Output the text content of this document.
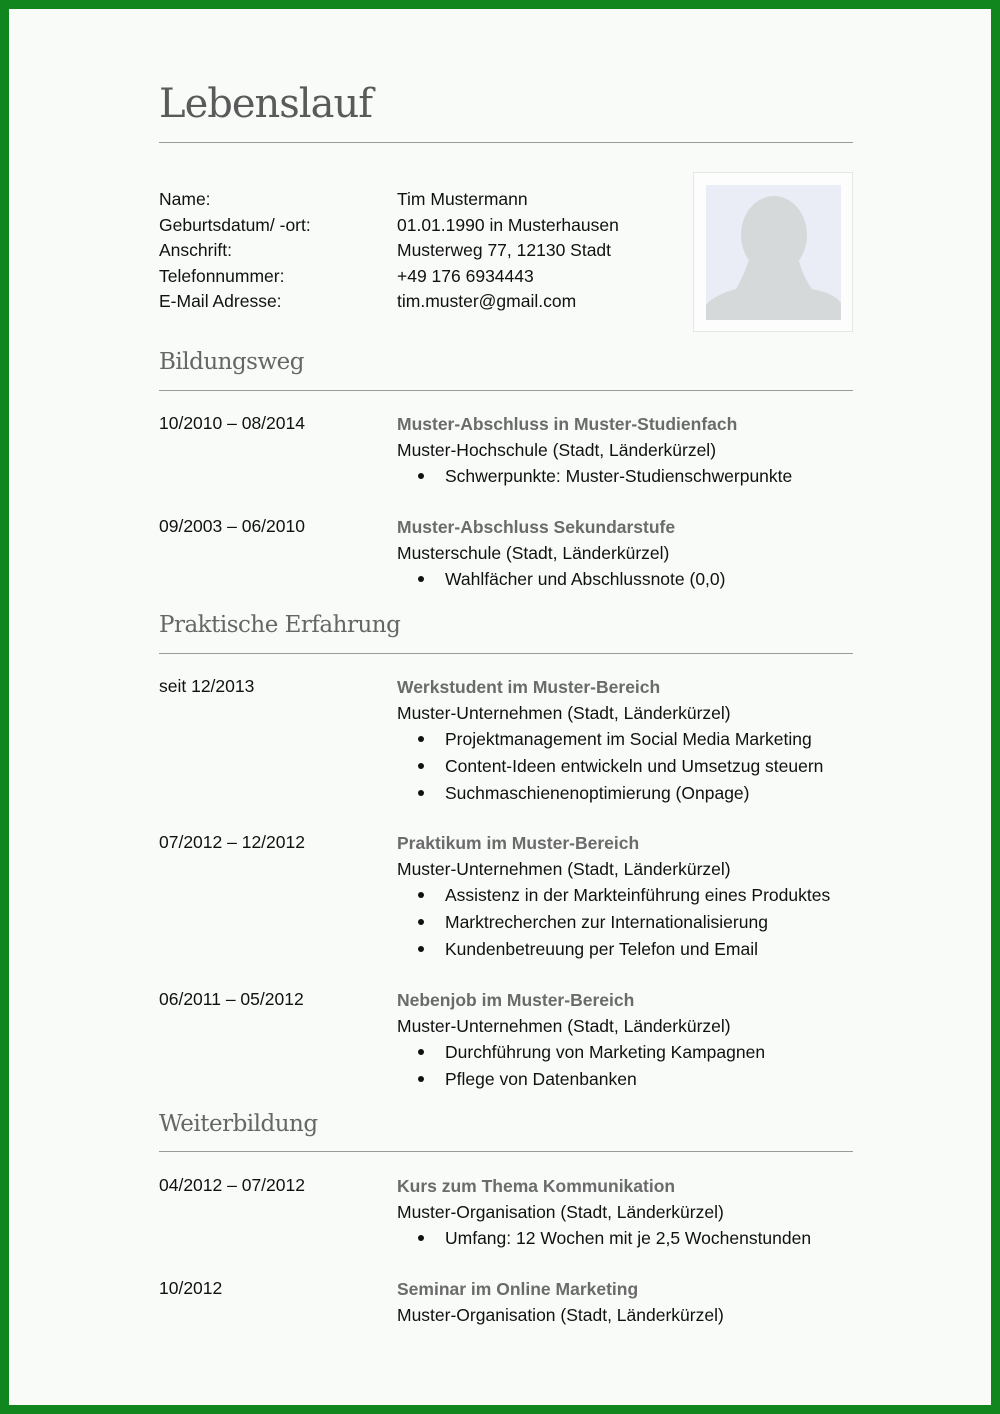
Lebenslauf
Name:	Tim Mustermann
Geburtsdatum/ -ort:	01.01.1990 in Musterhausen
Anschrift:	Musterweg 77, 12130 Stadt
Telefonnummer:	+49 176 6934443
E-Mail Adresse:	tim.muster@gmail.com
Bildungsweg
10/2010 – 08/2014	Muster-Abschluss in Muster-Studienfach
Muster-Hochschule (Stadt, Länderkürzel)
Schwerpunkte: Muster-Studienschwerpunkte
09/2003 – 06/2010	Muster-Abschluss Sekundarstufe
Musterschule (Stadt, Länderkürzel)
Wahlfächer und Abschlussnote (0,0)
Praktische Erfahrung
seit 12/2013	Werkstudent im Muster-Bereich
Muster-Unternehmen (Stadt, Länderkürzel)
Projektmanagement im Social Media Marketing
Content-Ideen entwickeln und Umsetzug steuern
Suchmaschienenoptimierung (Onpage)
07/2012 – 12/2012	Praktikum im Muster-Bereich
Muster-Unternehmen (Stadt, Länderkürzel)
Assistenz in der Markteinführung eines Produktes
Marktrecherchen zur Internationalisierung
Kundenbetreuung per Telefon und Email
06/2011 – 05/2012	Nebenjob im Muster-Bereich
Muster-Unternehmen (Stadt, Länderkürzel)
Durchführung von Marketing Kampagnen
Pflege von Datenbanken
Weiterbildung
04/2012 – 07/2012	Kurs zum Thema Kommunikation
Muster-Organisation (Stadt, Länderkürzel)
Umfang: 12 Wochen mit je 2,5 Wochenstunden
10/2012	Seminar im Online Marketing
Muster-Organisation (Stadt, Länderkürzel)
